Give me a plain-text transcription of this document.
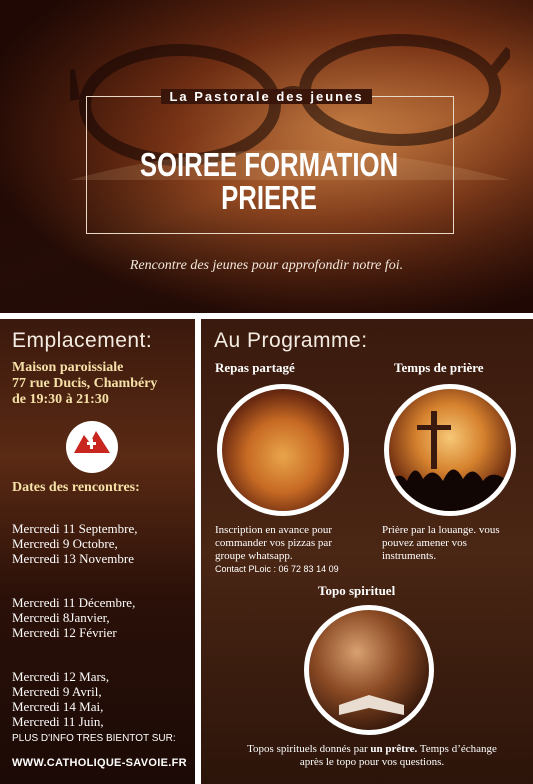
La Pastorale des jeunes
SOIREE FORMATION PRIERE
Rencontre des jeunes pour approfondir notre foi.
Emplacement:
Maison paroissiale
77 rue Ducis, Chambéry
de 19:30 à 21:30
Dates des rencontres:
Mercredi 11 Septembre,
Mercredi 9 Octobre,
Mercredi 13 Novembre
Mercredi 11 Décembre,
Mercredi 8Janvier,
Mercredi 12 Février
Mercredi 12 Mars,
Mercredi 9 Avril,
Mercredi 14 Mai,
Mercredi 11 Juin,
PLUS D'INFO TRES BIENTOT SUR:
WWW.CATHOLIQUE-SAVOIE.FR
Au Programme:
Repas partagé
Inscription en avance pour commander vos pizzas par groupe whatsapp.
Contact PLoic : 06 72 83 14 09
Temps de prière
Prière par la louange. vous pouvez amener vos instruments.
Topo spirituel
Topos spirituels donnés par un prêtre. Temps d’échange après le topo pour vos questions.
